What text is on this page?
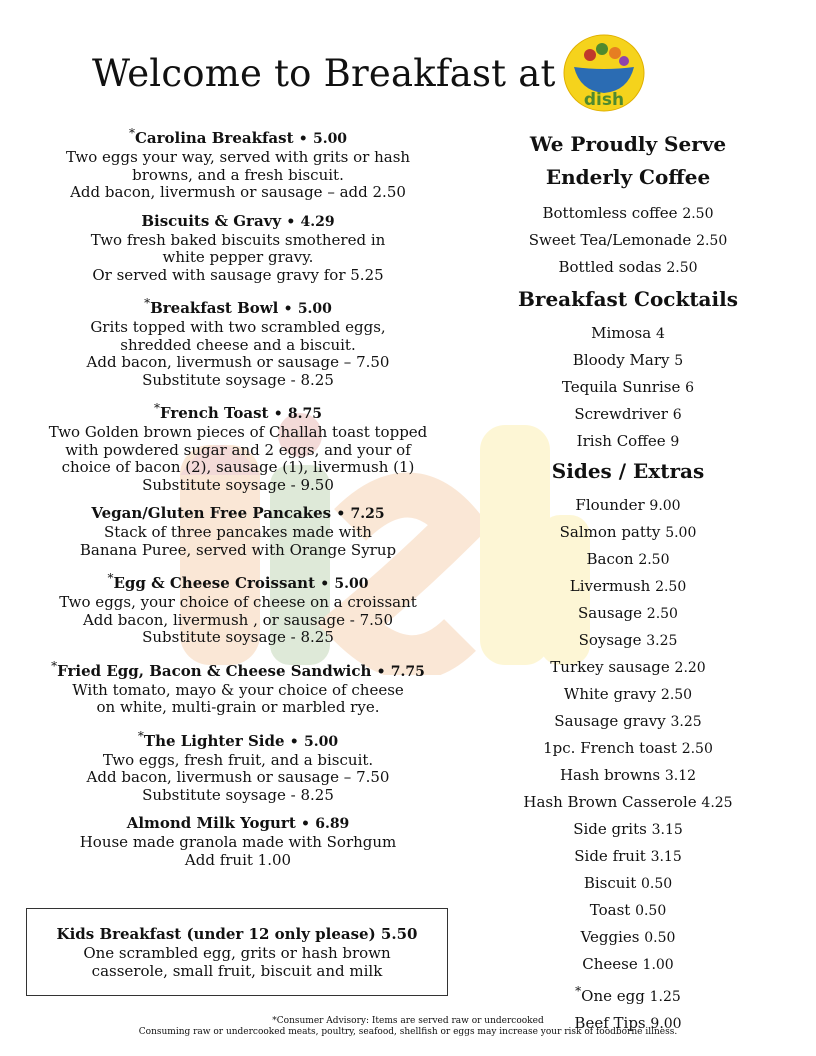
Welcome to Breakfast at
dish
*Carolina Breakfast • 5.00
Two eggs your way, served with grits or hash
browns, and a fresh biscuit.
Add bacon, livermush or sausage – add 2.50
Biscuits & Gravy • 4.29
Two fresh baked biscuits smothered in
white pepper gravy.
Or served with sausage gravy for 5.25
*Breakfast Bowl • 5.00
Grits topped with two scrambled eggs,
shredded cheese and a biscuit.
Add bacon, livermush or sausage – 7.50
Substitute soysage - 8.25
*French Toast • 8.75
Two Golden brown pieces of Challah toast topped
with powdered sugar and 2 eggs, and your of
choice of bacon (2), sausage (1), livermush (1)
Substitute soysage - 9.50
Vegan/Gluten Free Pancakes • 7.25
Stack of three pancakes made with
Banana Puree, served with Orange Syrup
*Egg & Cheese Croissant • 5.00
Two eggs, your choice of cheese on a croissant
Add bacon, livermush , or sausage - 7.50
Substitute soysage - 8.25
*Fried Egg, Bacon & Cheese Sandwich • 7.75
With tomato, mayo & your choice of cheese
on white, multi-grain or marbled rye.
*The Lighter Side • 5.00
Two eggs, fresh fruit, and a biscuit.
Add bacon, livermush or sausage – 7.50
Substitute soysage - 8.25
Almond Milk Yogurt • 6.89
House made granola made with Sorhgum
Add fruit 1.00
Kids Breakfast (under 12 only please) 5.50
One scrambled egg, grits or hash brown
casserole, small fruit, biscuit and milk
We Proudly Serve
Enderly Coffee
Bottomless coffee 2.50
Sweet Tea/Lemonade 2.50
Bottled sodas 2.50
Breakfast Cocktails
Mimosa 4
Bloody Mary 5
Tequila Sunrise 6
Screwdriver 6
Irish Coffee 9
Sides / Extras
Flounder 9.00
Salmon patty 5.00
Bacon 2.50
Livermush 2.50
Sausage 2.50
Soysage 3.25
Turkey sausage 2.20
White gravy 2.50
Sausage gravy 3.25
1pc. French toast 2.50
Hash browns 3.12
Hash Brown Casserole 4.25
Side grits 3.15
Side fruit 3.15
Biscuit 0.50
Toast 0.50
Veggies 0.50
Cheese 1.00
*One egg 1.25
Beef Tips 9.00
*Consumer Advisory: Items are served raw or undercooked
Consuming raw or undercooked meats, poultry, seafood, shellfish or eggs may increase your risk of foodborne illness.
